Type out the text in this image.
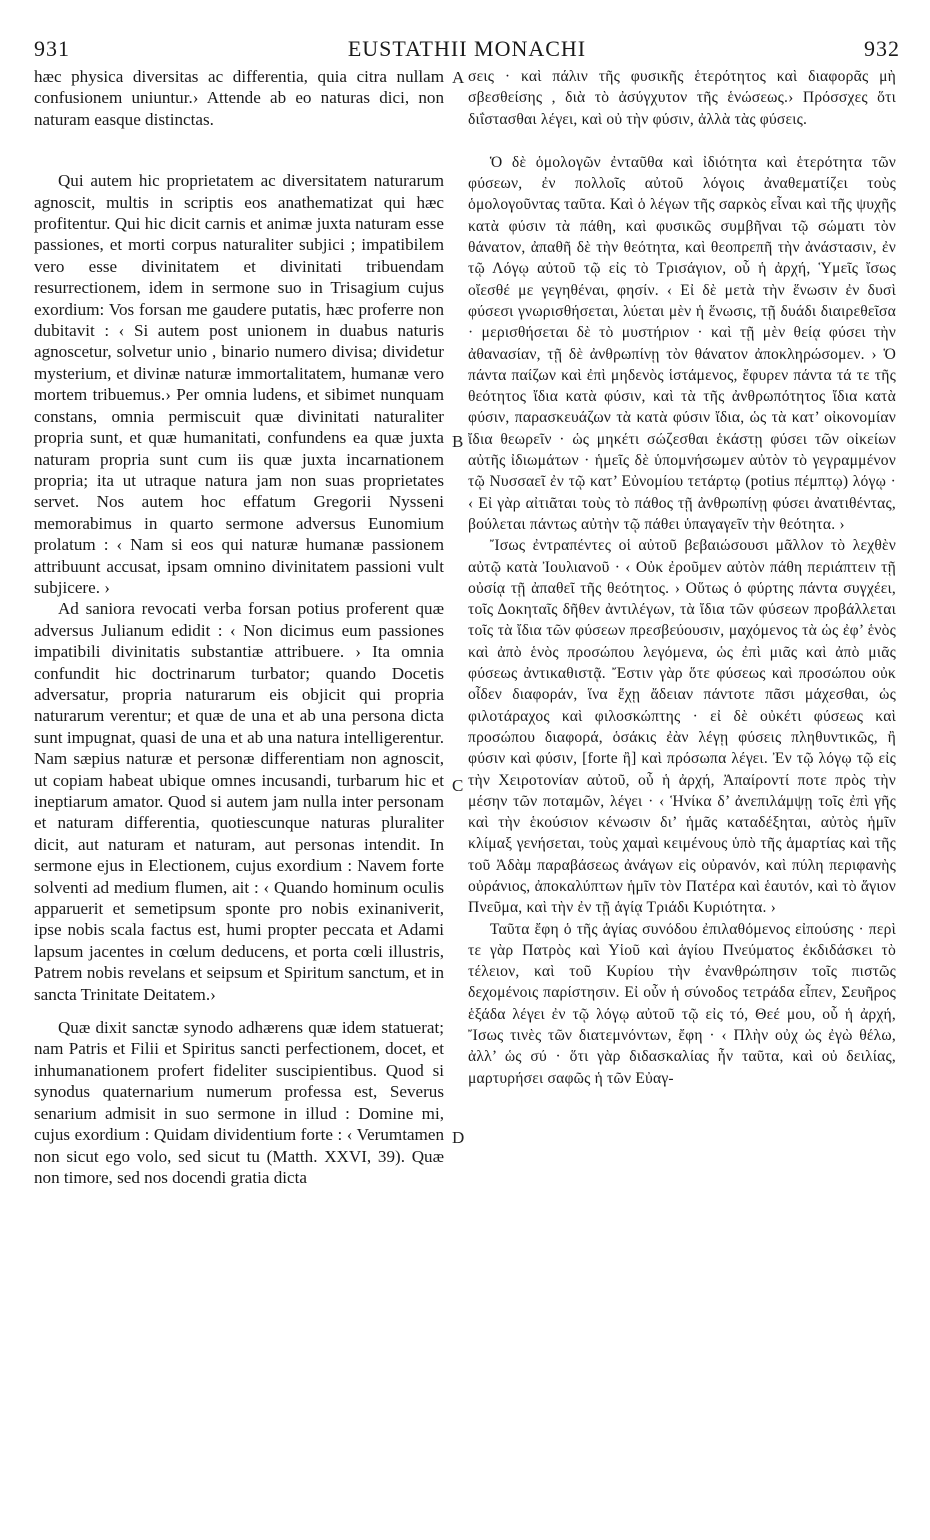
931	EUSTATHII MONACHI	932

hæc physica diversitas ac differentia, quia citra nullam confusionem uniuntur.› Attende ab eo naturas dici, non naturam easque distinctas.

Qui autem hic proprietatem ac diversitatem naturarum agnoscit, multis in scriptis eos anathematizat qui hæc profitentur. Qui hic dicit carnis et animæ juxta naturam esse passiones, et morti corpus naturaliter subjici ; impatibilem vero esse divinitatem et divinitati tribuendam resurrectionem, idem in sermone suo in Trisagium cujus exordium: Vos forsan me gaudere putatis, hæc proferre non dubitavit : ‹ Si autem post unionem in duabus naturis agnoscetur, solvetur unio , binario numero divisa; dividetur mysterium, et divinæ naturæ immortalitatem, humanæ vero mortem tribuemus.› Per omnia ludens, et sibimet nunquam constans, omnia permiscuit quæ divinitati naturaliter propria sunt, et quæ humanitati, confundens ea quæ juxta naturam propria sunt cum iis quæ juxta incarnationem propria; ita ut utraque natura jam non suas proprietates servet. Nos autem hoc effatum Gregorii Nysseni memorabimus in quarto sermone adversus Eunomium prolatum : ‹ Nam si eos qui naturæ humanæ passionem attribuunt accusat, ipsam omnino divinitatem passioni vult subjicere. ›

Ad saniora revocati verba forsan potius proferent quæ adversus Julianum edidit : ‹ Non dicimus eum passiones impatibili divinitatis substantiæ attribuere. › Ita omnia confundit hic doctrinarum turbator; quando Docetis adversatur, propria naturarum eis objicit qui propria naturarum verentur; et quæ de una et ab una persona dicta sunt impugnat, quasi de una et ab una natura intelligerentur. Nam sæpius naturæ et personæ differentiam non agnoscit, ut copiam habeat ubique omnes incusandi, turbarum hic et ineptiarum amator. Quod si autem jam nulla inter personam et naturam differentia, quotiescunque naturas pluraliter dicit, aut naturam et naturam, aut personas intendit. In sermone ejus in Electionem, cujus exordium : Navem forte solventi ad medium flumen, ait : ‹ Quando hominum oculis apparuerit et semetipsum sponte pro nobis exinaniverit, ipse nobis scala factus est, humi propter peccata et Adami lapsum jacentes in cœlum deducens, et porta cœli illustris, Patrem nobis revelans et seipsum et Spiritum sanctum, et in sancta Trinitate Deitatem.›

Quæ dixit sanctæ synodo adhærens quæ idem statuerat; nam Patris et Filii et Spiritus sancti perfectionem, docet, et inhumanationem profert fideliter suscipientibus. Quod si synodus quaternarium numerum professa est, Severus senarium admisit in suo sermone in illud : Domine mi, cujus exordium : Quidam dividentium forte : ‹ Verumtamen non sicut ego volo, sed sicut tu (Matth. XXVI, 39). Quæ non timore, sed nos docendi gratia dicta

σεις · καὶ πάλιν τῆς φυσικῆς ἑτερότητος καὶ διαφορᾶς μὴ σβεσθείσης , διὰ τὸ ἀσύγχυτον τῆς ἑνώσεως.› Πρόσσχες ὅτι διΐστασθαι λέγει, καὶ οὐ τὴν φύσιν, ἀλλὰ τὰς φύσεις.

Ὁ δὲ ὁμολογῶν ἐνταῦθα καὶ ἰδιότητα καὶ ἑτερότητα τῶν φύσεων, ἐν πολλοῖς αὐτοῦ λόγοις ἀναθεματίζει τοὺς ὁμολογοῦντας ταῦτα. Καὶ ὁ λέγων τῆς σαρκὸς εἶναι καὶ τῆς ψυχῆς κατὰ φύσιν τὰ πάθη, καὶ φυσικῶς συμβῆναι τῷ σώματι τὸν θάνατον, ἀπαθῆ δὲ τὴν θεότητα, καὶ θεοπρεπῆ τὴν ἀνάστασιν, ἐν τῷ Λόγῳ αὐτοῦ τῷ εἰς τὸ Τρισάγιον, οὗ ἡ ἀρχή, Ὑμεῖς ἴσως οἴεσθέ με γεγηθέναι, φησίν. ‹ Εἰ δὲ μετὰ τὴν ἕνωσιν ἐν δυσὶ φύσεσι γνωρισθήσεται, λύεται μὲν ἡ ἕνωσις, τῇ δυάδι διαιρεθεῖσα · μερισθήσεται δὲ τὸ μυστήριον · καὶ τῇ μὲν θείᾳ φύσει τὴν ἀθανασίαν, τῇ δὲ ἀνθρωπίνῃ τὸν θάνατον ἀποκληρώσομεν. › Ὁ πάντα παίζων καὶ ἐπὶ μηδενὸς ἱστάμενος, ἔφυρεν πάντα τά τε τῆς θεότητος ἴδια κατὰ φύσιν, καὶ τὰ τῆς ἀνθρωπότητος ἴδια κατὰ φύσιν, παρασκευάζων τὰ κατὰ φύσιν ἴδια, ὡς τὰ κατ’ οἰκονομίαν ἴδια θεωρεῖν · ὡς μηκέτι σώζεσθαι ἑκάστῃ φύσει τῶν οἰκείων αὐτῆς ἰδιωμάτων · ἡμεῖς δὲ ὑπομνήσωμεν αὐτὸν τὸ γεγραμμένον τῷ Νυσσαεῖ ἐν τῷ κατ’ Εὐνομίου τετάρτῳ (potius πέμπτῳ) λόγῳ · ‹ Εἰ γὰρ αἰτιᾶται τοὺς τὸ πάθος τῇ ἀνθρωπίνῃ φύσει ἀνατιθέντας, βούλεται πάντως αὐτὴν τῷ πάθει ὑπαγαγεῖν τὴν θεότητα. ›

Ἴσως ἐντραπέντες οἱ αὐτοῦ βεβαιώσουσι μᾶλλον τὸ λεχθὲν αὐτῷ κατὰ Ἰουλιανοῦ · ‹ Οὐκ ἐροῦμεν αὐτὸν πάθη περιάπτειν τῇ οὐσίᾳ τῇ ἀπαθεῖ τῆς θεότητος. › Οὕτως ὁ φύρτης πάντα συγχέει, τοῖς Δοκηταῖς δῆθεν ἀντιλέγων, τὰ ἴδια τῶν φύσεων προβάλλεται τοῖς τὰ ἴδια τῶν φύσεων πρεσβεύουσιν, μαχόμενος τὰ ὡς ἐφ’ ἑνὸς καὶ ἀπὸ ἑνὸς προσώπου λεγόμενα, ὡς ἐπὶ μιᾶς καὶ ἀπὸ μιᾶς φύσεως ἀντικαθιστᾷ. Ἔστιν γὰρ ὅτε φύσεως καὶ προσώπου οὐκ οἶδεν διαφοράν, ἵνα ἔχῃ ἄδειαν πάντοτε πᾶσι μάχεσθαι, ὡς φιλοτάραχος καὶ φιλοσκώπτης · εἰ δὲ οὐκέτι φύσεως καὶ προσώπου διαφορά, ὁσάκις ἐὰν λέγῃ φύσεις πληθυντικῶς, ἢ φύσιν καὶ φύσιν, [forte ἢ] καὶ πρόσωπα λέγει. Ἐν τῷ λόγῳ τῷ εἰς τὴν Χειροτονίαν αὐτοῦ, οὗ ἡ ἀρχή, Ἀπαίροντί ποτε πρὸς τὴν μέσην τῶν ποταμῶν, λέγει · ‹ Ἡνίκα δ’ ἀνεπιλάμψῃ τοῖς ἐπὶ γῆς καὶ τὴν ἑκούσιον κένωσιν δι’ ἡμᾶς καταδέξηται, αὐτὸς ἡμῖν κλίμαξ γενήσεται, τοὺς χαμαὶ κειμένους ὑπὸ τῆς ἁμαρτίας καὶ τῆς τοῦ Ἀδὰμ παραβάσεως ἀνάγων εἰς οὐρανόν, καὶ πύλη περιφανὴς οὐράνιος, ἀποκαλύπτων ἡμῖν τὸν Πατέρα καὶ ἑαυτόν, καὶ τὸ ἅγιον Πνεῦμα, καὶ τὴν ἐν τῇ ἁγίᾳ Τριάδι Κυριότητα. ›

Ταῦτα ἔφη ὁ τῆς ἁγίας συνόδου ἐπιλαθόμενος εἰπούσης · περὶ τε γὰρ Πατρὸς καὶ Υἱοῦ καὶ ἁγίου Πνεύματος ἐκδιδάσκει τὸ τέλειον, καὶ τοῦ Κυρίου τὴν ἐνανθρώπησιν τοῖς πιστῶς δεχομένοις παρίστησιν. Εἰ οὖν ἡ σύνοδος τετράδα εἶπεν, Σευῆρος ἑξάδα λέγει ἐν τῷ λόγῳ αὐτοῦ τῷ εἰς τό, Θεέ μου, οὗ ἡ ἀρχή, Ἴσως τινὲς τῶν διατεμνόντων, ἔφη · ‹ Πλὴν οὐχ ὡς ἐγὼ θέλω, ἀλλ’ ὡς σύ · ὅτι γὰρ διδασκαλίας ἦν ταῦτα, καὶ οὐ δειλίας, μαρτυρήσει σαφῶς ἡ τῶν Εὐαγ-

A
B
C
D
